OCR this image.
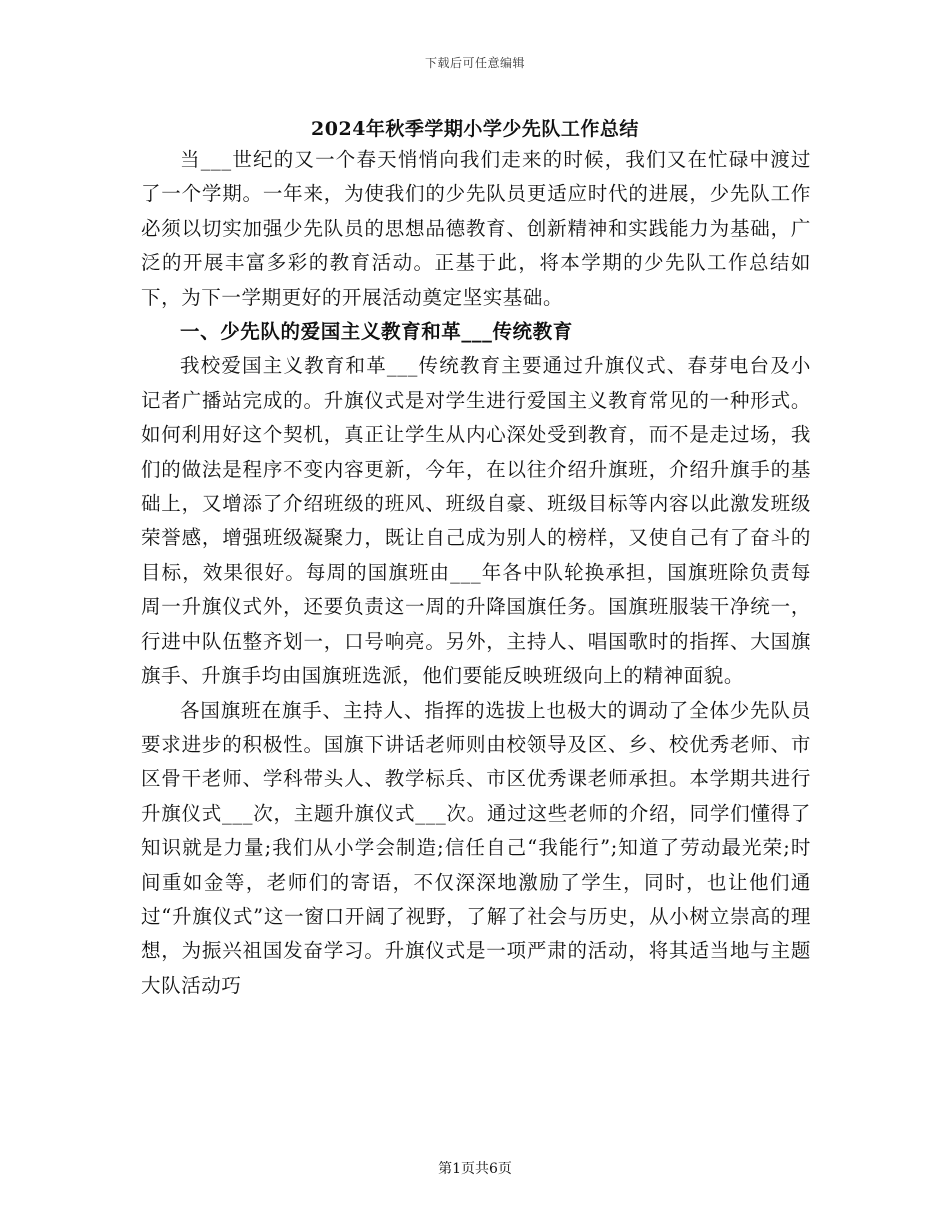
下载后可任意编辑
2024年秋季学期小学少先队工作总结

当___世纪的又一个春天悄悄向我们走来的时候，我们又在忙碌中渡过了一个学期。一年来，为使我们的少先队员更适应时代的进展，少先队工作必须以切实加强少先队员的思想品德教育、创新精神和实践能力为基础，广泛的开展丰富多彩的教育活动。正基于此，将本学期的少先队工作总结如下，为下一学期更好的开展活动奠定坚实基础。

一、少先队的爱国主义教育和革___传统教育

我校爱国主义教育和革___传统教育主要通过升旗仪式、春芽电台及小记者广播站完成的。升旗仪式是对学生进行爱国主义教育常见的一种形式。如何利用好这个契机，真正让学生从内心深处受到教育，而不是走过场，我们的做法是程序不变内容更新，今年，在以往介绍升旗班，介绍升旗手的基础上，又增添了介绍班级的班风、班级自豪、班级目标等内容以此激发班级荣誉感，增强班级凝聚力，既让自己成为别人的榜样，又使自己有了奋斗的目标，效果很好。每周的国旗班由___年各中队轮换承担，国旗班除负责每周一升旗仪式外，还要负责这一周的升降国旗任务。国旗班服装干净统一，行进中队伍整齐划一，口号响亮。另外，主持人、唱国歌时的指挥、大国旗旗手、升旗手均由国旗班选派，他们要能反映班级向上的精神面貌。

各国旗班在旗手、主持人、指挥的选拔上也极大的调动了全体少先队员要求进步的积极性。国旗下讲话老师则由校领导及区、乡、校优秀老师、市区骨干老师、学科带头人、教学标兵、市区优秀课老师承担。本学期共进行升旗仪式___次，主题升旗仪式___次。通过这些老师的介绍，同学们懂得了知识就是力量;我们从小学会制造;信任自己“我能行”;知道了劳动最光荣;时间重如金等，老师们的寄语，不仅深深地激励了学生，同时，也让他们通过“升旗仪式”这一窗口开阔了视野，了解了社会与历史，从小树立崇高的理想，为振兴祖国发奋学习。升旗仪式是一项严肃的活动，将其适当地与主题大队活动巧

第1页共6页
